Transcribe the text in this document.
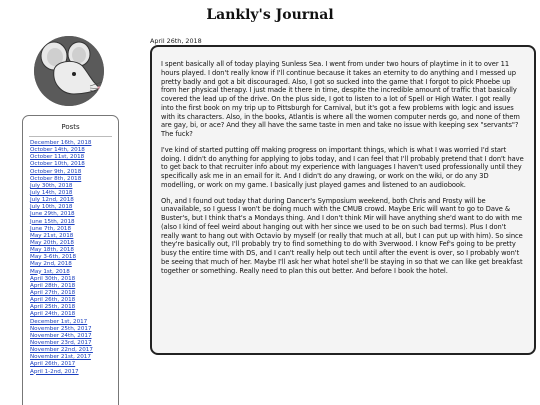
Lankly's Journal
Posts
December 16th, 2018
October 14th, 2018
October 11st, 2018
October 10th, 2018
October 9th, 2018
October 8th, 2018
July 30th, 2018
July 14th, 2018
July 12nd, 2018
July 10th, 2018
June 29th, 2018
June 15th, 2018
June 7th, 2018
May 21st, 2018
May 20th, 2018
May 18th, 2018
May 3-6th, 2018
May 2nd, 2018
May 1st, 2018
April 30th, 2018
April 28th, 2018
April 27th, 2018
April 26th, 2018
April 25th, 2018
April 24th, 2018
December 1st, 2017
November 25th, 2017
November 24th, 2017
November 23rd, 2017
November 22nd, 2017
November 21st, 2017
April 26th, 2017
April 1-2nd, 2017
April 26th, 2018

I spent basically all of today playing Sunless Sea. I went from under two hours of playtime in it to over 11 hours played. I don't really know if I'll continue because it takes an eternity to do anything and I messed up pretty badly and got a bit discouraged. Also, I got so sucked into the game that I forgot to pick Phoebe up from her physical therapy. I just made it there in time, despite the incredible amount of traffic that basically covered the lead up of the drive. On the plus side, I got to listen to a lot of Spell or High Water. I got really into the first book on my trip up to Pittsburgh for Carnival, but it's got a few problems with logic and issues with its characters. Also, in the books, Atlantis is where all the women computer nerds go, and none of them are gay, bi, or ace? And they all have the same taste in men and take no issue with keeping sex "servants"? The fuck?

I've kind of started putting off making progress on important things, which is what I was worried I'd start doing. I didn't do anything for applying to jobs today, and I can feel that I'll probably pretend that I don't have to get back to that recruiter info about my experience with languages I haven't used professionally until they specifically ask me in an email for it. And I didn't do any drawing, or work on the wiki, or do any 3D modelling, or work on my game. I basically just played games and listened to an audiobook.

Oh, and I found out today that during Dancer's Symposium weekend, both Chris and Frosty will be unavailable, so I guess I won't be doing much with the CMUB crowd. Maybe Eric will want to go to Dave & Buster's, but I think that's a Mondays thing. And I don't think Mir will have anything she'd want to do with me (also I kind of feel weird about hanging out with her since we used to be on such bad terms). Plus I don't really want to hang out with Octavio by myself (or really that much at all, but I can put up with him). So since they're basically out, I'll probably try to find something to do with 3verwood. I know Fef's going to be pretty busy the entire time with DS, and I can't really help out tech until after the event is over, so I probably won't be seeing that much of her. Maybe I'll ask her what hotel she'll be staying in so that we can like get breakfast together or something. Really need to plan this out better. And before I book the hotel.
